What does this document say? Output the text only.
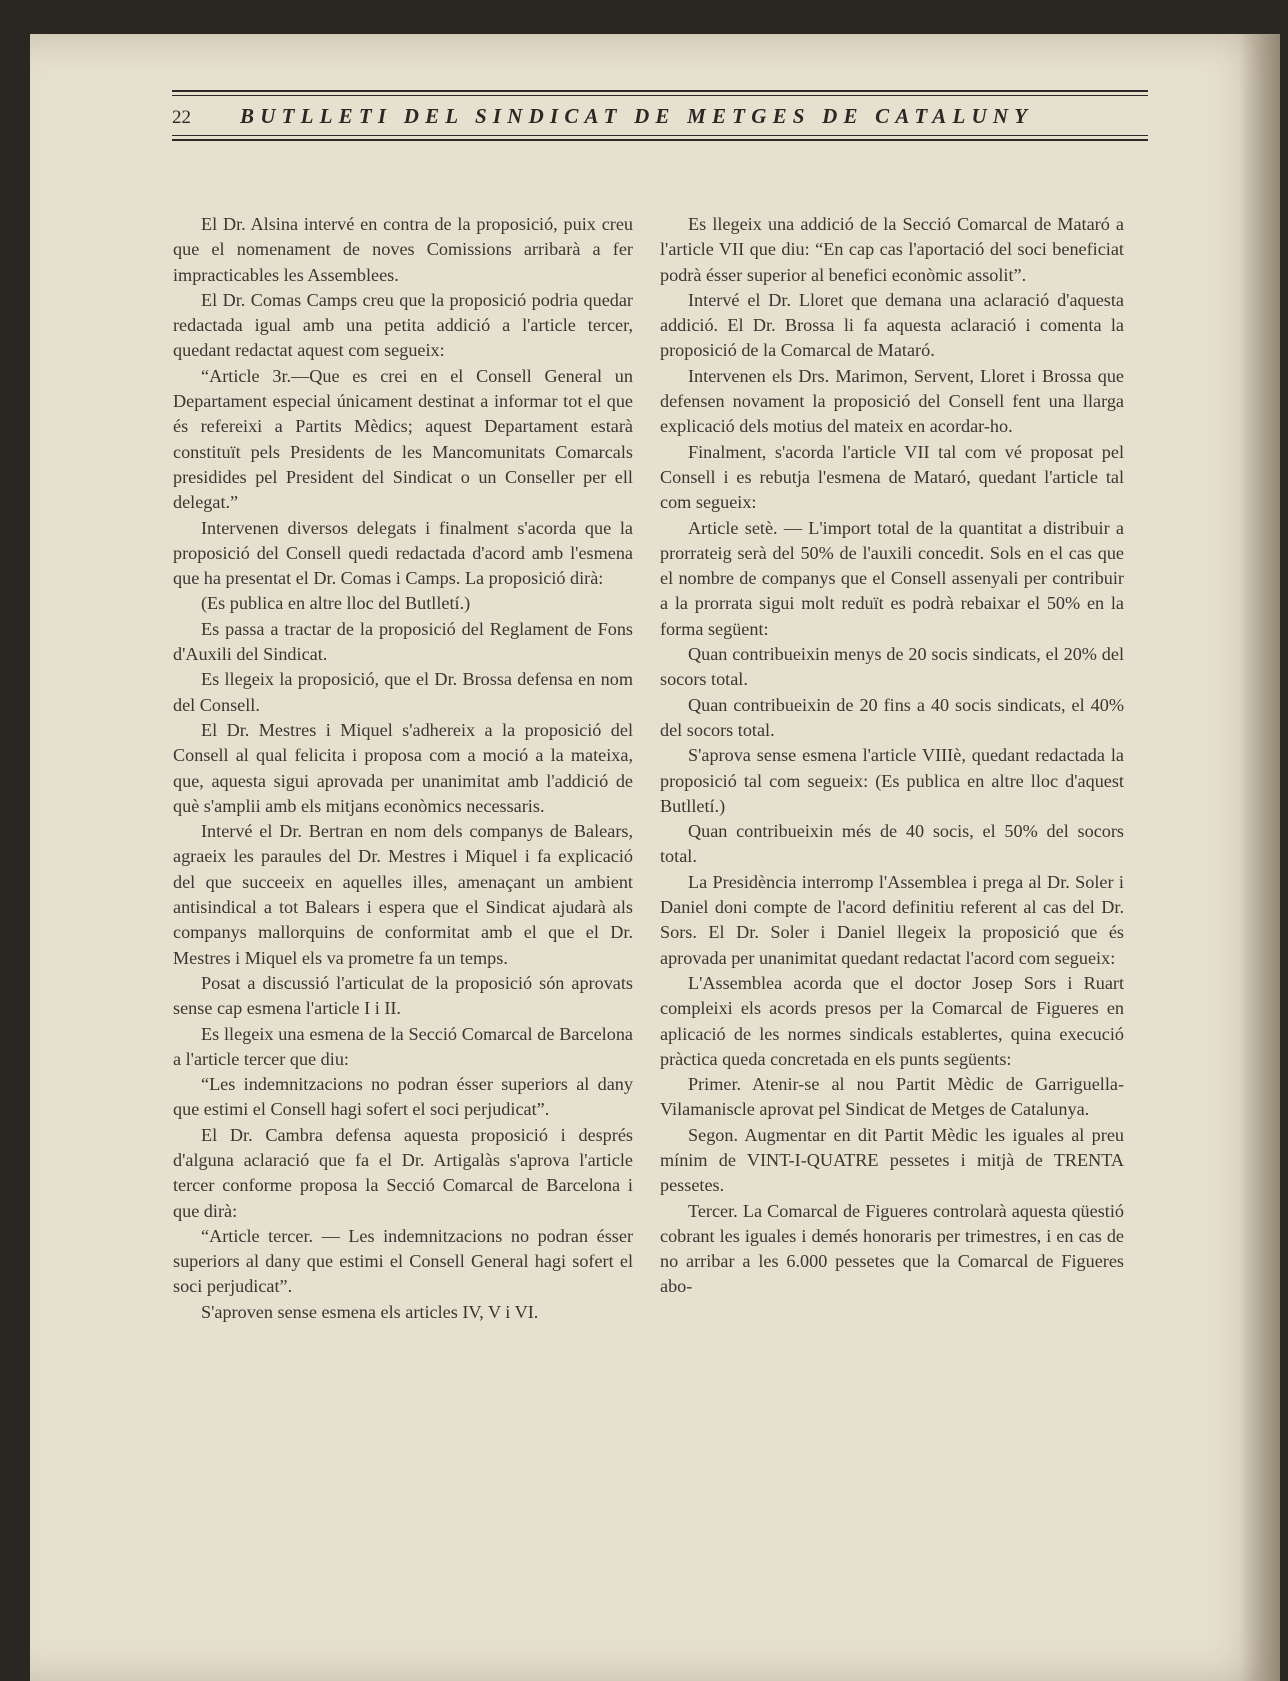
22	BUTLLETI DEL SINDICAT DE METGES DE CATALUNY

El Dr. Alsina intervé en contra de la proposició, puix creu que el nomenament de noves Comissions arribarà a fer impracticables les Assemblees.

El Dr. Comas Camps creu que la proposició podria quedar redactada igual amb una petita addició a l'article tercer, quedant redactat aquest com segueix:

“Article 3r.—Que es crei en el Consell General un Departament especial únicament destinat a informar tot el que és refereixi a Partits Mèdics; aquest Departament estarà constituït pels Presidents de les Mancomunitats Comarcals presidides pel President del Sindicat o un Conseller per ell delegat.”

Intervenen diversos delegats i finalment s'acorda que la proposició del Consell quedi redactada d'acord amb l'esmena que ha presentat el Dr. Comas i Camps. La proposició dirà:

(Es publica en altre lloc del Butlletí.)

Es passa a tractar de la proposició del Reglament de Fons d'Auxili del Sindicat.

Es llegeix la proposició, que el Dr. Brossa defensa en nom del Consell.

El Dr. Mestres i Miquel s'adhereix a la proposició del Consell al qual felicita i proposa com a moció a la mateixa, que, aquesta sigui aprovada per unanimitat amb l'addició de què s'amplii amb els mitjans econòmics necessaris.

Intervé el Dr. Bertran en nom dels companys de Balears, agraeix les paraules del Dr. Mestres i Miquel i fa explicació del que succeeix en aquelles illes, amenaçant un ambient antisindical a tot Balears i espera que el Sindicat ajudarà als companys mallorquins de conformitat amb el que el Dr. Mestres i Miquel els va prometre fa un temps.

Posat a discussió l'articulat de la proposició són aprovats sense cap esmena l'article I i II.

Es llegeix una esmena de la Secció Comarcal de Barcelona a l'article tercer que diu:

“Les indemnitzacions no podran ésser superiors al dany que estimi el Consell hagi sofert el soci perjudicat”.

El Dr. Cambra defensa aquesta proposició i després d'alguna aclaració que fa el Dr. Artigalàs s'aprova l'article tercer conforme proposa la Secció Comarcal de Barcelona i que dirà:

“Article tercer. — Les indemnitzacions no podran ésser superiors al dany que estimi el Consell General hagi sofert el soci perjudicat”.

S'aproven sense esmena els articles IV, V i VI.

Es llegeix una addició de la Secció Comarcal de Mataró a l'article VII que diu: “En cap cas l'aportació del soci beneficiat podrà ésser superior al benefici econòmic assolit”.

Intervé el Dr. Lloret que demana una aclaració d'aquesta addició. El Dr. Brossa li fa aquesta aclaració i comenta la proposició de la Comarcal de Mataró.

Intervenen els Drs. Marimon, Servent, Lloret i Brossa que defensen novament la proposició del Consell fent una llarga explicació dels motius del mateix en acordar-ho.

Finalment, s'acorda l'article VII tal com vé proposat pel Consell i es rebutja l'esmena de Mataró, quedant l'article tal com segueix:

Article setè. — L'import total de la quantitat a distribuir a prorrateig serà del 50% de l'auxili concedit. Sols en el cas que el nombre de companys que el Consell assenyali per contribuir a la prorrata sigui molt reduït es podrà rebaixar el 50% en la forma següent:

Quan contribueixin menys de 20 socis sindicats, el 20% del socors total.

Quan contribueixin de 20 fins a 40 socis sindicats, el 40% del socors total.

S'aprova sense esmena l'article VIIIè, quedant redactada la proposició tal com segueix: (Es publica en altre lloc d'aquest Butlletí.)

Quan contribueixin més de 40 socis, el 50% del socors total.

La Presidència interromp l'Assemblea i prega al Dr. Soler i Daniel doni compte de l'acord definitiu referent al cas del Dr. Sors. El Dr. Soler i Daniel llegeix la proposició que és aprovada per unanimitat quedant redactat l'acord com segueix:

L'Assemblea acorda que el doctor Josep Sors i Ruart compleixi els acords presos per la Comarcal de Figueres en aplicació de les normes sindicals establertes, quina execució pràctica queda concretada en els punts següents:

Primer. Atenir-se al nou Partit Mèdic de Garriguella-Vilamaniscle aprovat pel Sindicat de Metges de Catalunya.

Segon. Augmentar en dit Partit Mèdic les iguales al preu mínim de VINT-I-QUATRE pessetes i mitjà de TRENTA pessetes.

Tercer. La Comarcal de Figueres controlarà aquesta qüestió cobrant les iguales i demés honoraris per trimestres, i en cas de no arribar a les 6.000 pessetes que la Comarcal de Figueres abo-
